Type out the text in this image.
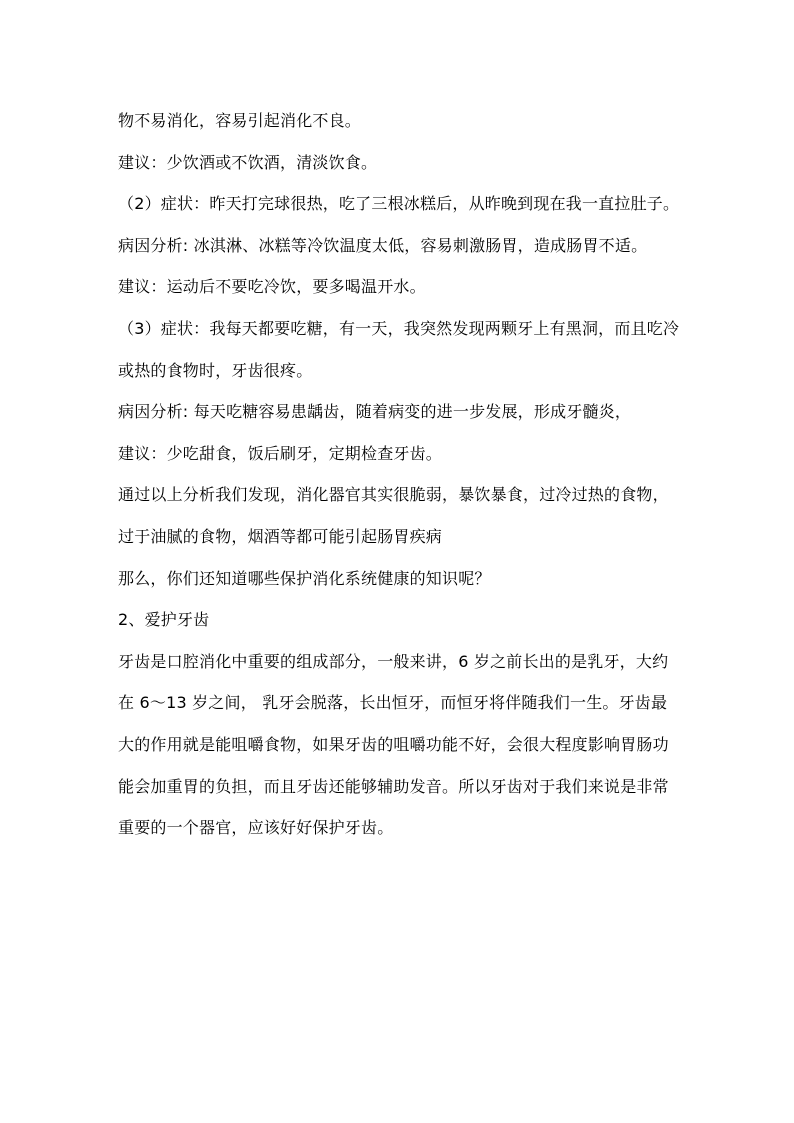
物不易消化，容易引起消化不良。

建议：少饮酒或不饮酒，清淡饮食。

（2）症状：昨天打完球很热，吃了三根冰糕后，从昨晚到现在我一直拉肚子。

病因分析: 冰淇淋、冰糕等冷饮温度太低，容易刺激肠胃，造成肠胃不适。

建议：运动后不要吃冷饮，要多喝温开水。

（3）症状：我每天都要吃糖，有一天，我突然发现两颗牙上有黑洞，而且吃冷或热的食物时，牙齿很疼。

病因分析: 每天吃糖容易患龋齿，随着病变的进一步发展，形成牙髓炎，

建议：少吃甜食，饭后刷牙，定期检查牙齿。

通过以上分析我们发现，消化器官其实很脆弱，暴饮暴食，过冷过热的食物，过于油腻的食物，烟酒等都可能引起肠胃疾病

那么，你们还知道哪些保护消化系统健康的知识呢？

2、爱护牙齿

牙齿是口腔消化中重要的组成部分，一般来讲，6 岁之前长出的是乳牙，大约在 6～13 岁之间， 乳牙会脱落，长出恒牙，而恒牙将伴随我们一生。牙齿最大的作用就是能咀嚼食物，如果牙齿的咀嚼功能不好，会很大程度影响胃肠功能会加重胃的负担，而且牙齿还能够辅助发音。所以牙齿对于我们来说是非常重要的一个器官，应该好好保护牙齿。
